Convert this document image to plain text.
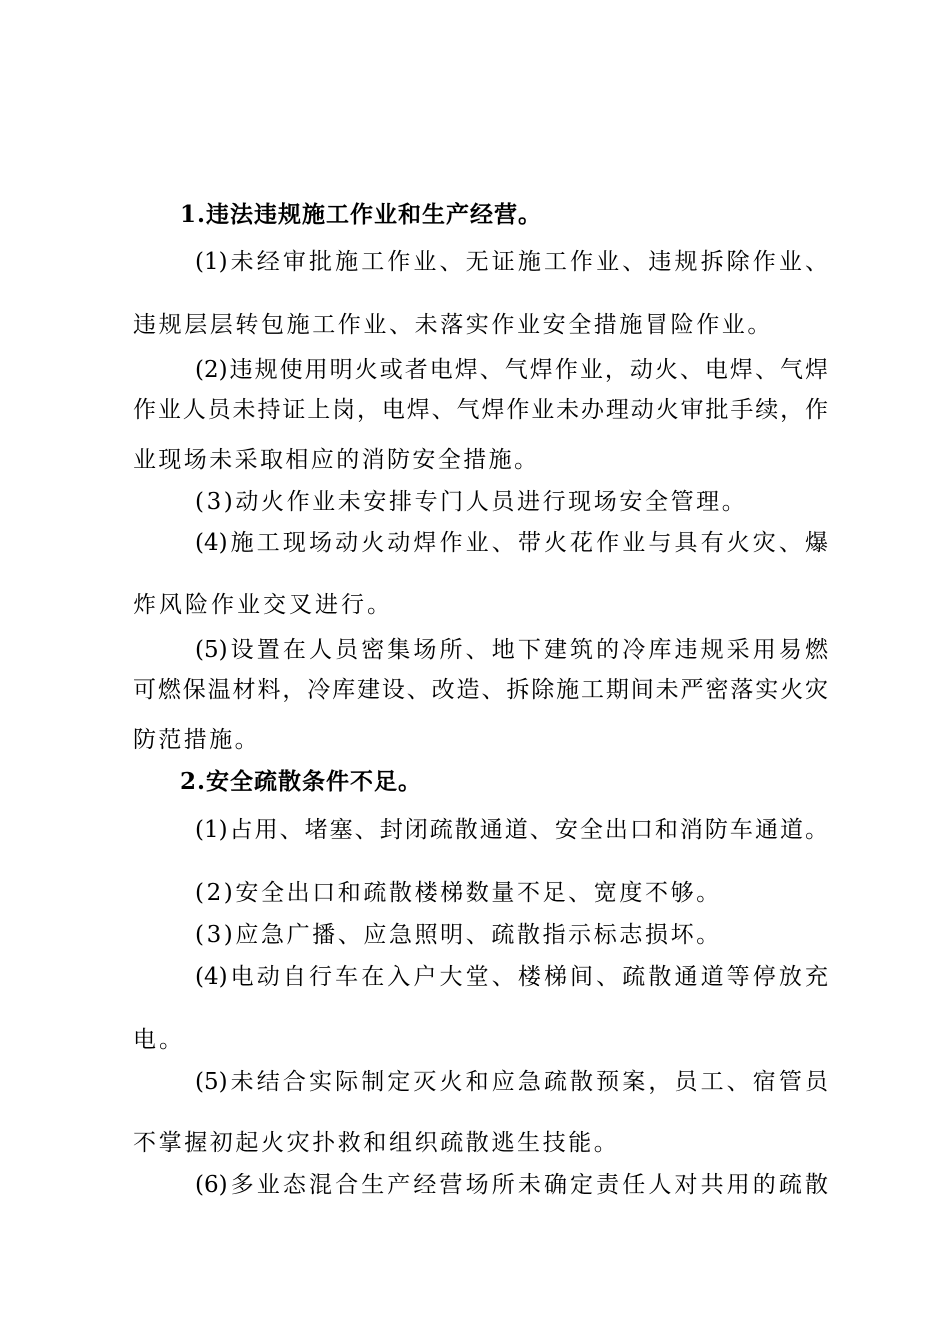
1.违法违规施工作业和生产经营。
(1)未经审批施工作业、无证施工作业、违规拆除作业、
违规层层转包施工作业、未落实作业安全措施冒险作业。
(2)违规使用明火或者电焊、气焊作业，动火、电焊、气焊
作业人员未持证上岗，电焊、气焊作业未办理动火审批手续，作
业现场未采取相应的消防安全措施。
(3)动火作业未安排专门人员进行现场安全管理。
(4)施工现场动火动焊作业、带火花作业与具有火灾、爆
炸风险作业交叉进行。
(5)设置在人员密集场所、地下建筑的冷库违规采用易燃
可燃保温材料，冷库建设、改造、拆除施工期间未严密落实火灾
防范措施。
2.安全疏散条件不足。
(1)占用、堵塞、封闭疏散通道、安全出口和消防车通道。
(2)安全出口和疏散楼梯数量不足、宽度不够。
(3)应急广播、应急照明、疏散指示标志损坏。
(4)电动自行车在入户大堂、楼梯间、疏散通道等停放充
电。
(5)未结合实际制定灭火和应急疏散预案，员工、宿管员
不掌握初起火灾扑救和组织疏散逃生技能。
(6)多业态混合生产经营场所未确定责任人对共用的疏散
